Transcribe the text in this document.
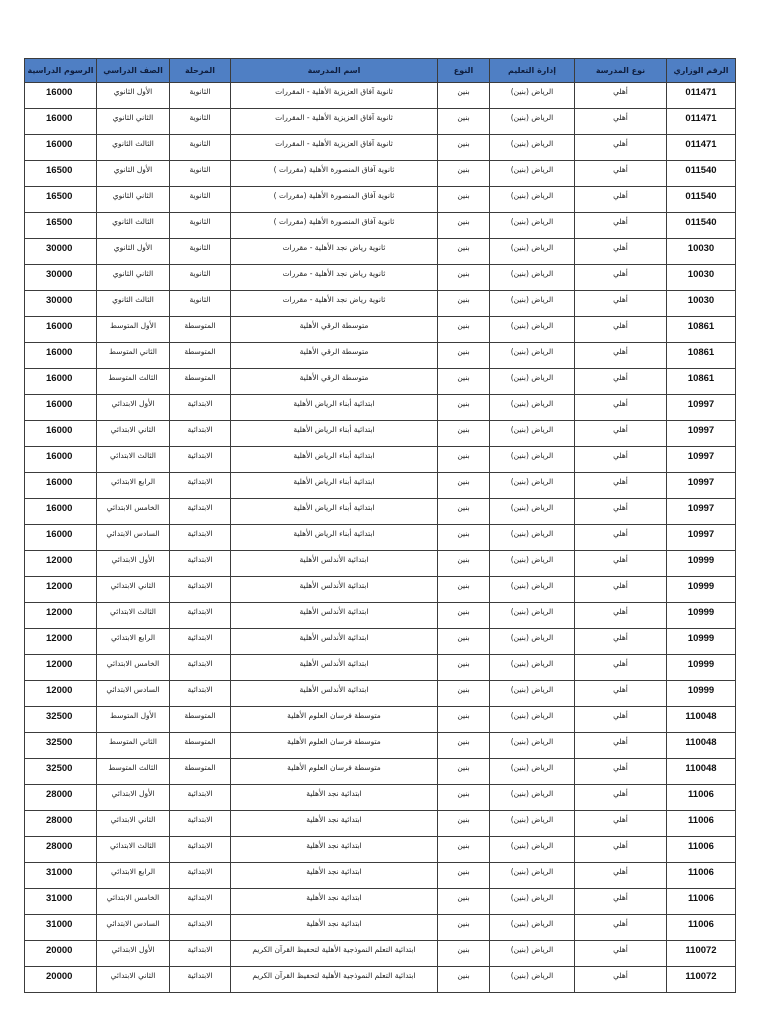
الرسوم الدراسية	الصف الدراسي	المرحلة	اسم المدرسة	النوع	إدارة التعليم	نوع المدرسة	الرقم الوزاري
16000	الأول الثانوي	الثانوية	ثانوية آفاق العزيزية الأهلية - المقررات	بنين	الرياض (بنين)	أهلي	011471
16000	الثاني الثانوي	الثانوية	ثانوية آفاق العزيزية الأهلية - المقررات	بنين	الرياض (بنين)	أهلي	011471
16000	الثالث الثانوي	الثانوية	ثانوية آفاق العزيزية الأهلية - المقررات	بنين	الرياض (بنين)	أهلي	011471
16500	الأول الثانوي	الثانوية	ثانوية آفاق المنصورة الأهلية (مقررات )	بنين	الرياض (بنين)	أهلي	011540
16500	الثاني الثانوي	الثانوية	ثانوية آفاق المنصورة الأهلية (مقررات )	بنين	الرياض (بنين)	أهلي	011540
16500	الثالث الثانوي	الثانوية	ثانوية آفاق المنصورة الأهلية (مقررات )	بنين	الرياض (بنين)	أهلي	011540
30000	الأول الثانوي	الثانوية	ثانوية رياض نجد الأهلية - مقررات	بنين	الرياض (بنين)	أهلي	10030
30000	الثاني الثانوي	الثانوية	ثانوية رياض نجد الأهلية - مقررات	بنين	الرياض (بنين)	أهلي	10030
30000	الثالث الثانوي	الثانوية	ثانوية رياض نجد الأهلية - مقررات	بنين	الرياض (بنين)	أهلي	10030
16000	الأول المتوسط	المتوسطة	متوسطة الرقي الأهلية	بنين	الرياض (بنين)	أهلي	10861
16000	الثاني المتوسط	المتوسطة	متوسطة الرقي الأهلية	بنين	الرياض (بنين)	أهلي	10861
16000	الثالث المتوسط	المتوسطة	متوسطة الرقي الأهلية	بنين	الرياض (بنين)	أهلي	10861
16000	الأول الابتدائي	الابتدائية	ابتدائية أبناء الرياض الأهلية	بنين	الرياض (بنين)	أهلي	10997
16000	الثاني الابتدائي	الابتدائية	ابتدائية أبناء الرياض الأهلية	بنين	الرياض (بنين)	أهلي	10997
16000	الثالث الابتدائي	الابتدائية	ابتدائية أبناء الرياض الأهلية	بنين	الرياض (بنين)	أهلي	10997
16000	الرابع الابتدائي	الابتدائية	ابتدائية أبناء الرياض الأهلية	بنين	الرياض (بنين)	أهلي	10997
16000	الخامس الابتدائي	الابتدائية	ابتدائية أبناء الرياض الأهلية	بنين	الرياض (بنين)	أهلي	10997
16000	السادس الابتدائي	الابتدائية	ابتدائية أبناء الرياض الأهلية	بنين	الرياض (بنين)	أهلي	10997
12000	الأول الابتدائي	الابتدائية	ابتدائية الأندلس الأهلية	بنين	الرياض (بنين)	أهلي	10999
12000	الثاني الابتدائي	الابتدائية	ابتدائية الأندلس الأهلية	بنين	الرياض (بنين)	أهلي	10999
12000	الثالث الابتدائي	الابتدائية	ابتدائية الأندلس الأهلية	بنين	الرياض (بنين)	أهلي	10999
12000	الرابع الابتدائي	الابتدائية	ابتدائية الأندلس الأهلية	بنين	الرياض (بنين)	أهلي	10999
12000	الخامس الابتدائي	الابتدائية	ابتدائية الأندلس الأهلية	بنين	الرياض (بنين)	أهلي	10999
12000	السادس الابتدائي	الابتدائية	ابتدائية الأندلس الأهلية	بنين	الرياض (بنين)	أهلي	10999
32500	الأول المتوسط	المتوسطة	متوسطة فرسان العلوم الأهلية	بنين	الرياض (بنين)	أهلي	110048
32500	الثاني المتوسط	المتوسطة	متوسطة فرسان العلوم الأهلية	بنين	الرياض (بنين)	أهلي	110048
32500	الثالث المتوسط	المتوسطة	متوسطة فرسان العلوم الأهلية	بنين	الرياض (بنين)	أهلي	110048
28000	الأول الابتدائي	الابتدائية	ابتدائية نجد الأهلية	بنين	الرياض (بنين)	أهلي	11006
28000	الثاني الابتدائي	الابتدائية	ابتدائية نجد الأهلية	بنين	الرياض (بنين)	أهلي	11006
28000	الثالث الابتدائي	الابتدائية	ابتدائية نجد الأهلية	بنين	الرياض (بنين)	أهلي	11006
31000	الرابع الابتدائي	الابتدائية	ابتدائية نجد الأهلية	بنين	الرياض (بنين)	أهلي	11006
31000	الخامس الابتدائي	الابتدائية	ابتدائية نجد الأهلية	بنين	الرياض (بنين)	أهلي	11006
31000	السادس الابتدائي	الابتدائية	ابتدائية نجد الأهلية	بنين	الرياض (بنين)	أهلي	11006
20000	الأول الابتدائي	الابتدائية	ابتدائية التعلم النموذجية الأهلية لتحفيظ القرآن الكريم	بنين	الرياض (بنين)	أهلي	110072
20000	الثاني الابتدائي	الابتدائية	ابتدائية التعلم النموذجية الأهلية لتحفيظ القرآن الكريم	بنين	الرياض (بنين)	أهلي	110072
